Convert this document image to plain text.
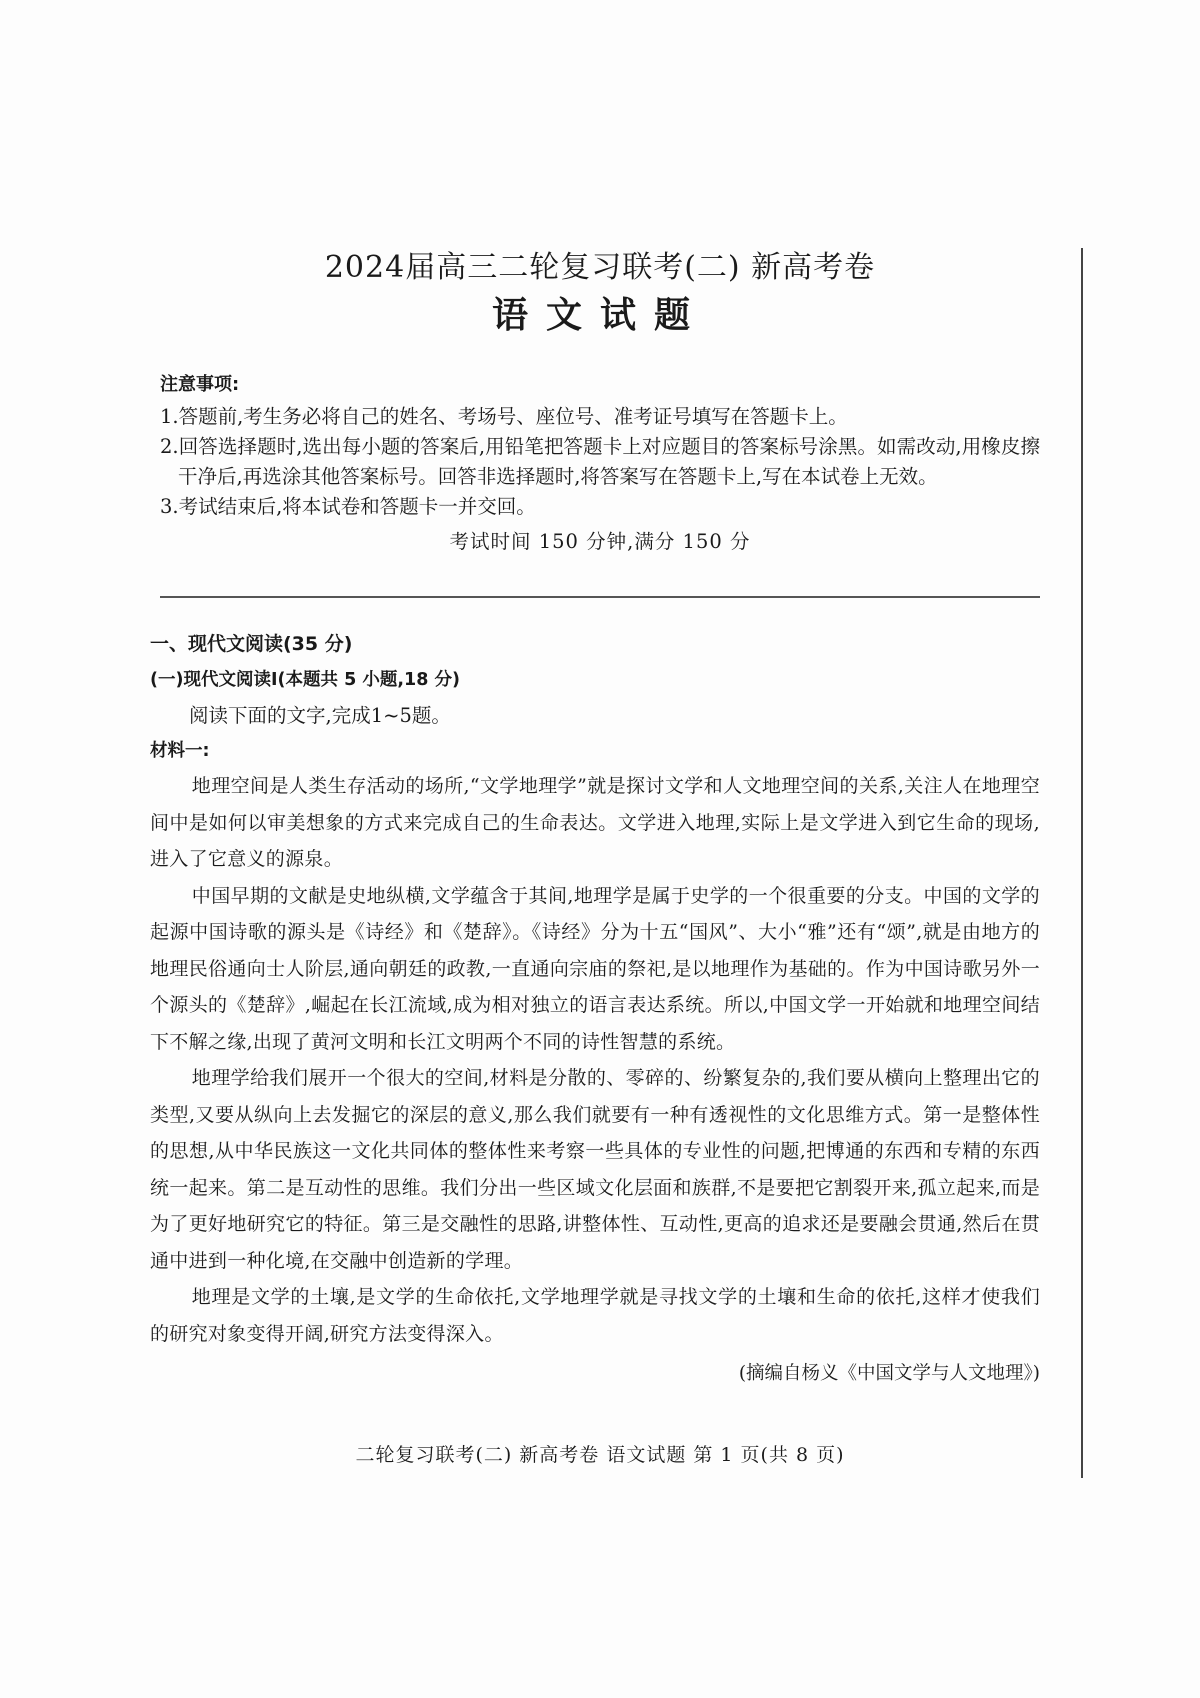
2024届高三二轮复习联考(二) 新高考卷
语文试题
注意事项:
1.答题前,考生务必将自己的姓名、考场号、座位号、准考证号填写在答题卡上。
2.回答选择题时,选出每小题的答案后,用铅笔把答题卡上对应题目的答案标号涂黑。如需改动,用橡皮擦干净后,再选涂其他答案标号。回答非选择题时,将答案写在答题卡上,写在本试卷上无效。
3.考试结束后,将本试卷和答题卡一并交回。
考试时间 150 分钟,满分 150 分
一、现代文阅读(35 分)
(一)现代文阅读Ⅰ(本题共 5 小题,18 分)
阅读下面的文字,完成1~5题。
材料一:

地理空间是人类生存活动的场所,“文学地理学”就是探讨文学和人文地理空间的关系,关注人在地理空间中是如何以审美想象的方式来完成自己的生命表达。文学进入地理,实际上是文学进入到它生命的现场,进入了它意义的源泉。

中国早期的文献是史地纵横,文学蕴含于其间,地理学是属于史学的一个很重要的分支。中国的文学的起源中国诗歌的源头是《诗经》和《楚辞》。《诗经》分为十五“国风”、大小“雅”还有“颂”,就是由地方的地理民俗通向士人阶层,通向朝廷的政教,一直通向宗庙的祭祀,是以地理作为基础的。作为中国诗歌另外一个源头的《楚辞》,崛起在长江流域,成为相对独立的语言表达系统。所以,中国文学一开始就和地理空间结下不解之缘,出现了黄河文明和长江文明两个不同的诗性智慧的系统。

地理学给我们展开一个很大的空间,材料是分散的、零碎的、纷繁复杂的,我们要从横向上整理出它的类型,又要从纵向上去发掘它的深层的意义,那么我们就要有一种有透视性的文化思维方式。第一是整体性的思想,从中华民族这一文化共同体的整体性来考察一些具体的专业性的问题,把博通的东西和专精的东西统一起来。第二是互动性的思维。我们分出一些区域文化层面和族群,不是要把它割裂开来,孤立起来,而是为了更好地研究它的特征。第三是交融性的思路,讲整体性、互动性,更高的追求还是要融会贯通,然后在贯通中进到一种化境,在交融中创造新的学理。

地理是文学的土壤,是文学的生命依托,文学地理学就是寻找文学的土壤和生命的依托,这样才使我们的研究对象变得开阔,研究方法变得深入。

(摘编自杨义《中国文学与人文地理》)
二轮复习联考(二) 新高考卷 语文试题 第 1 页(共 8 页)
